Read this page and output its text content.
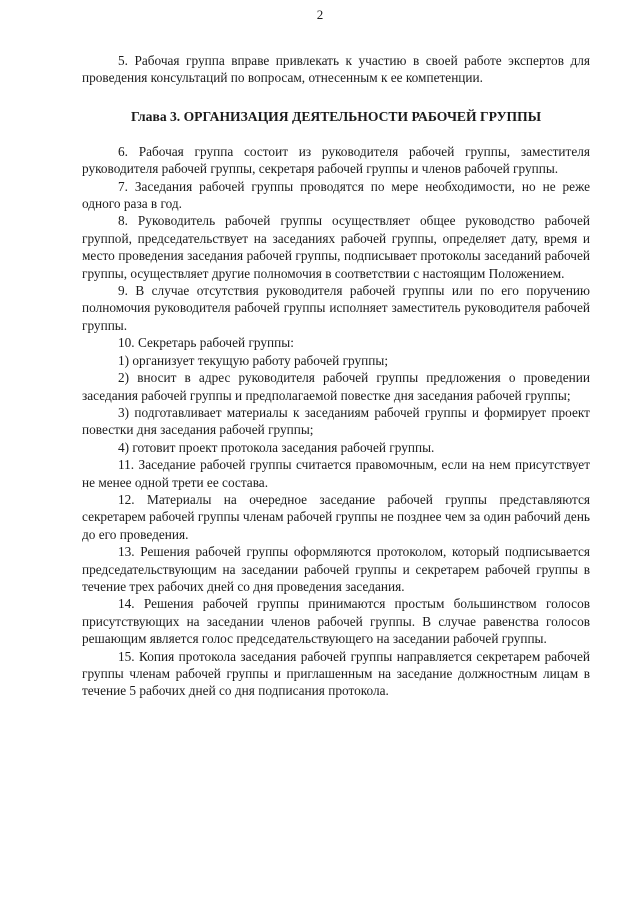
2

5. Рабочая группа вправе привлекать к участию в своей работе экспертов для проведения консультаций по вопросам, отнесенным к ее компетенции.

Глава 3. ОРГАНИЗАЦИЯ ДЕЯТЕЛЬНОСТИ РАБОЧЕЙ ГРУППЫ

6. Рабочая группа состоит из руководителя рабочей группы, заместителя руководителя рабочей группы, секретаря рабочей группы и членов рабочей группы.

7. Заседания рабочей группы проводятся по мере необходимости, но не реже одного раза в год.

8. Руководитель рабочей группы осуществляет общее руководство рабочей группой, председательствует на заседаниях рабочей группы, определяет дату, время и место проведения заседания рабочей группы, подписывает протоколы заседаний рабочей группы, осуществляет другие полномочия в соответствии с настоящим Положением.

9. В случае отсутствия руководителя рабочей группы или по его поручению полномочия руководителя рабочей группы исполняет заместитель руководителя рабочей группы.

10. Секретарь рабочей группы:

1) организует текущую работу рабочей группы;

2) вносит в адрес руководителя рабочей группы предложения о проведении заседания рабочей группы и предполагаемой повестке дня заседания рабочей группы;

3) подготавливает материалы к заседаниям рабочей группы и формирует проект повестки дня заседания рабочей группы;

4) готовит проект протокола заседания рабочей группы.

11. Заседание рабочей группы считается правомочным, если на нем присутствует не менее одной трети ее состава.

12. Материалы на очередное заседание рабочей группы представляются секретарем рабочей группы членам рабочей группы не позднее чем за один рабочий день до его проведения.

13. Решения рабочей группы оформляются протоколом, который подписывается председательствующим на заседании рабочей группы и секретарем рабочей группы в течение трех рабочих дней со дня проведения заседания.

14. Решения рабочей группы принимаются простым большинством голосов присутствующих на заседании членов рабочей группы. В случае равенства голосов решающим является голос председательствующего на заседании рабочей группы.

15. Копия протокола заседания рабочей группы направляется секретарем рабочей группы членам рабочей группы и приглашенным на заседание должностным лицам в течение 5 рабочих дней со дня подписания протокола.
